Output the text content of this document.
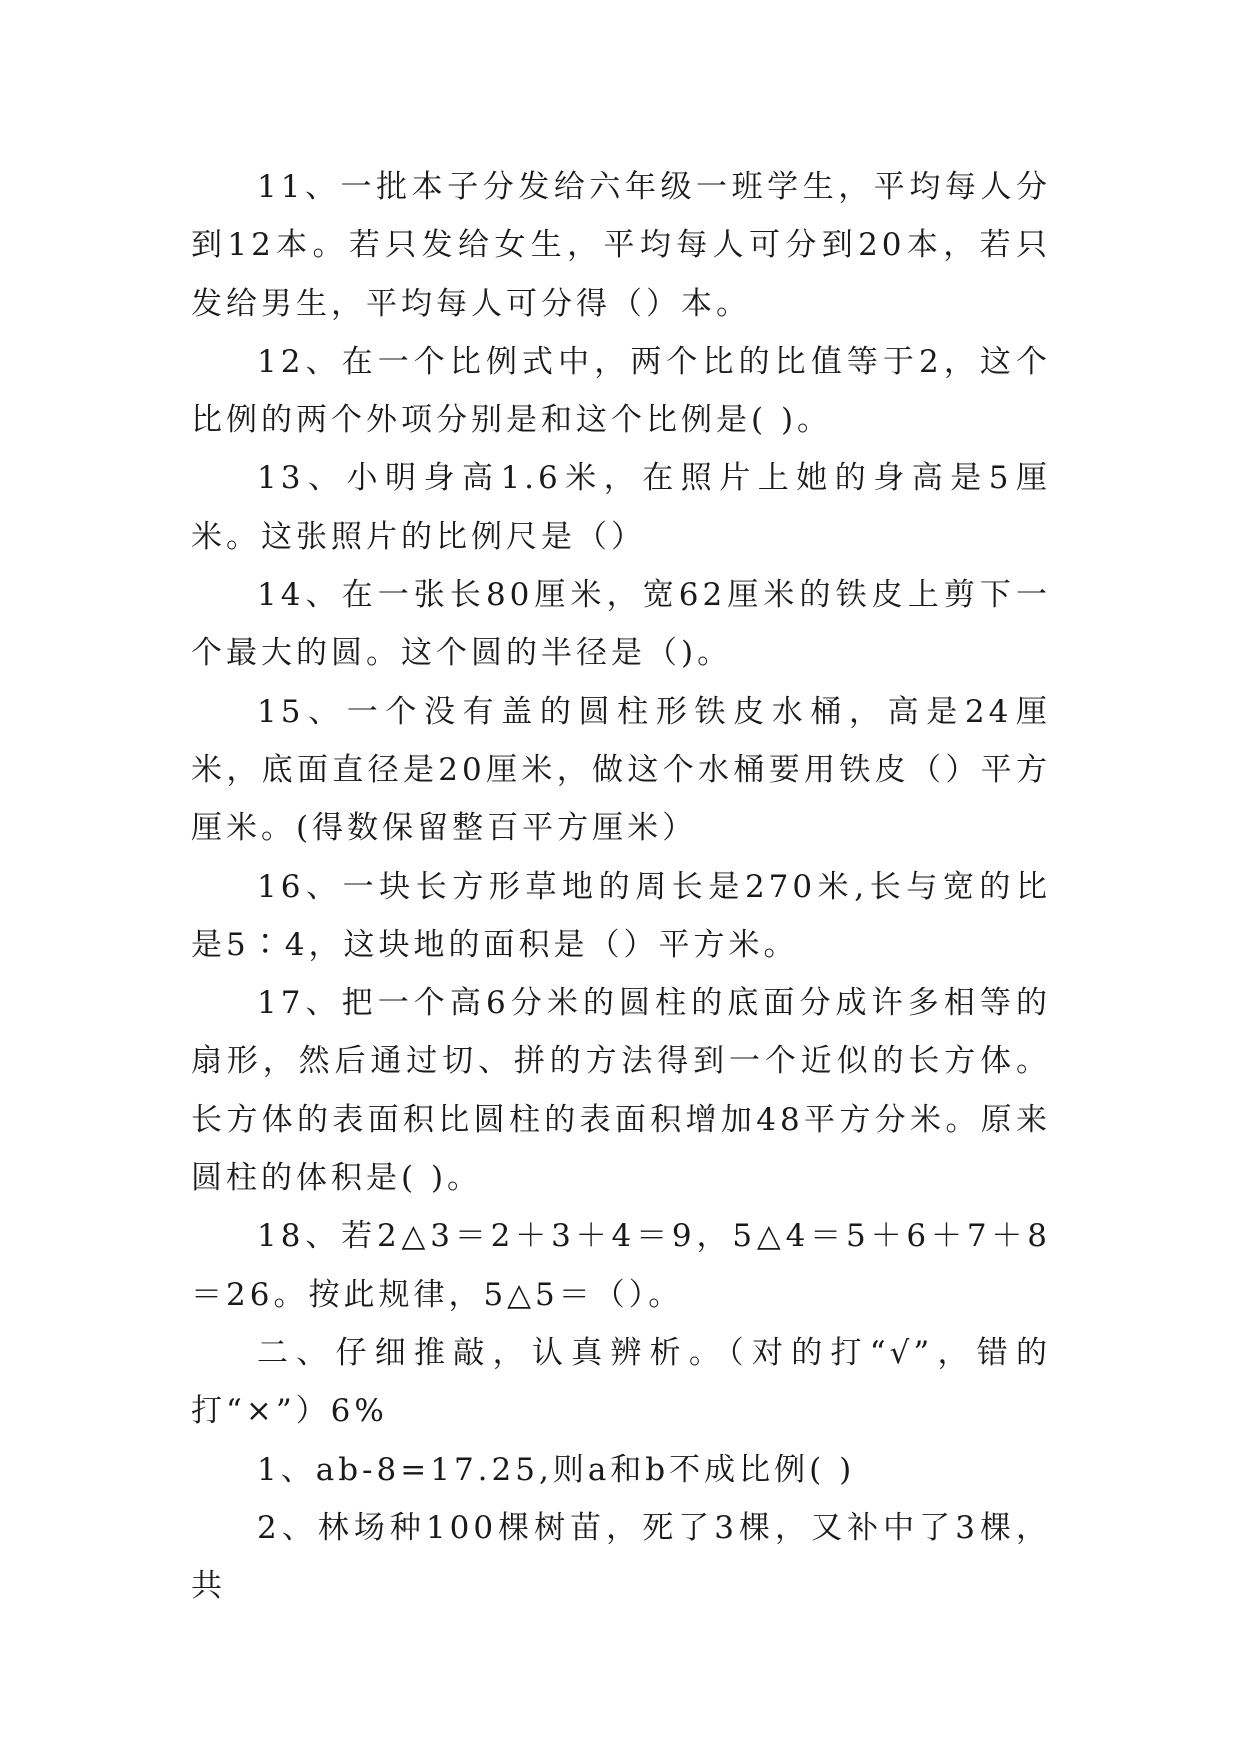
11、一批本子分发给六年级一班学生，平均每人分到12本。若只发给女生，平均每人可分到20本，若只发给男生，平均每人可分得（）本。

12、在一个比例式中，两个比的比值等于2，这个比例的两个外项分别是和这个比例是( )。

13、小明身高1.6米，在照片上她的身高是5厘米。这张照片的比例尺是（）

14、在一张长80厘米，宽62厘米的铁皮上剪下一个最大的圆。这个圆的半径是（)。

15、一个没有盖的圆柱形铁皮水桶，高是24厘米，底面直径是20厘米，做这个水桶要用铁皮（）平方厘米。(得数保留整百平方厘米）

16、一块长方形草地的周长是270米,长与宽的比是5∶4，这块地的面积是（）平方米。

17、把一个高6分米的圆柱的底面分成许多相等的扇形，然后通过切、拼的方法得到一个近似的长方体。长方体的表面积比圆柱的表面积增加48平方分米。原来圆柱的体积是( )。

18、若2△3＝2＋3＋4＝9，5△4＝5＋6＋7＋8＝26。按此规律，5△5＝（）。

二、仔细推敲，认真辨析。（对的打“√”，错的打“×”）6%

1、ab-8=17.25,则a和b不成比例( )

2、林场种100棵树苗，死了3棵，又补中了3棵，共
